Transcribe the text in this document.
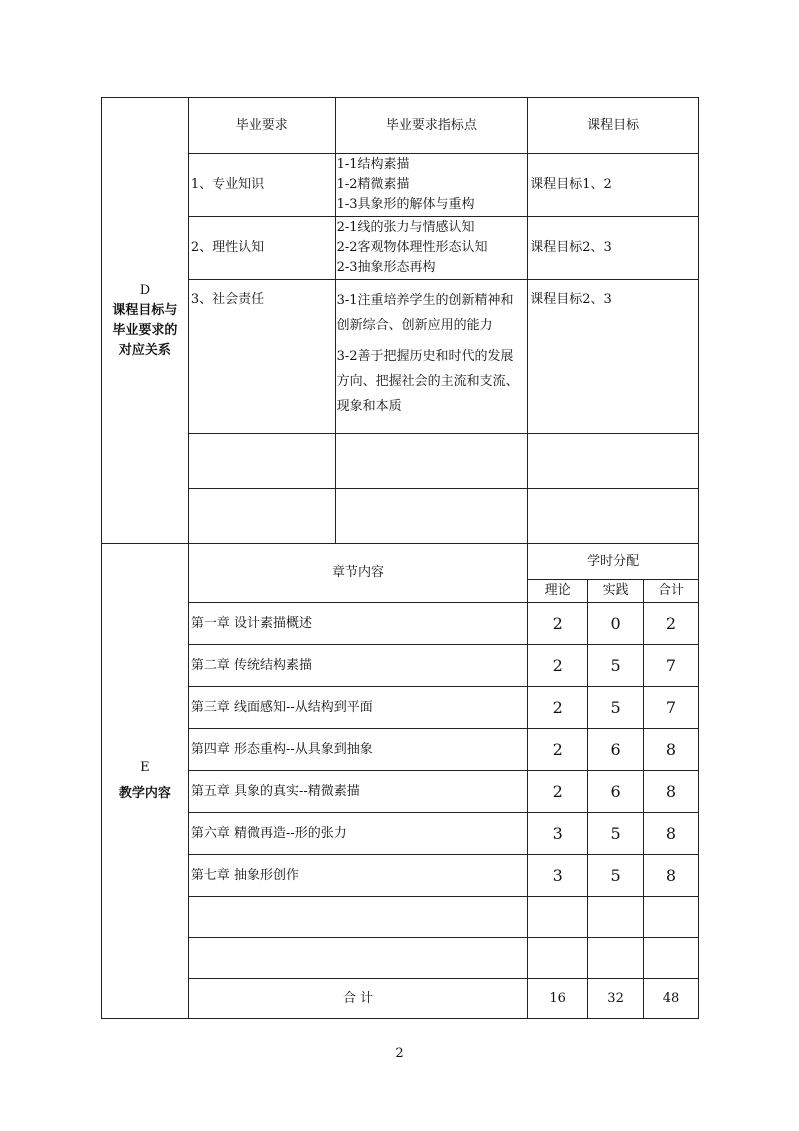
D
课程目标与
毕业要求的
对应关系	毕业要求	毕业要求指标点	课程目标		
	1、专业知识	1-1结构素描
1-2精微素描
1-3具象形的解体与重构	课程目标1、2		
	2、理性认知	2-1线的张力与情感认知
2-2客观物体理性形态认知
2-3抽象形态再构	课程目标2、3		
	3、社会责任	3-1注重培养学生的创新精神和
创新综合、创新应用的能力
3-2善于把握历史和时代的发展
方向、把握社会的主流和支流、
现象和本质	课程目标2、3		

E
教学内容	章节内容		学时分配		
			理论	实践	合计
	第一章 设计素描概述		2	0	2
	第二章 传统结构素描		2	5	7
	第三章 线面感知--从结构到平面		2	5	7
	第四章 形态重构--从具象到抽象		2	6	8
	第五章 具象的真实--精微素描		2	6	8
	第六章 精微再造--形的张力		3	5	8
	第七章 抽象形创作		3	5	8

	合 计		16	32	48
2
